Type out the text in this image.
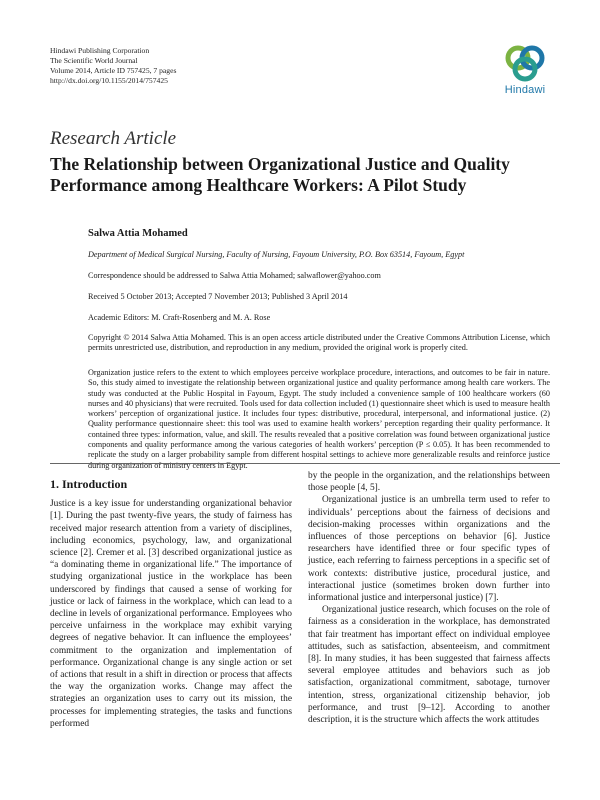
Hindawi Publishing Corporation
The Scientific World Journal
Volume 2014, Article ID 757425, 7 pages
http://dx.doi.org/10.1155/2014/757425
Hindawi
Research Article
The Relationship between Organizational Justice and Quality Performance among Healthcare Workers: A Pilot Study
Salwa Attia Mohamed
Department of Medical Surgical Nursing, Faculty of Nursing, Fayoum University, P.O. Box 63514, Fayoum, Egypt
Correspondence should be addressed to Salwa Attia Mohamed; salwaflower@yahoo.com
Received 5 October 2013; Accepted 7 November 2013; Published 3 April 2014
Academic Editors: M. Craft-Rosenberg and M. A. Rose
Copyright © 2014 Salwa Attia Mohamed. This is an open access article distributed under the Creative Commons Attribution License, which permits unrestricted use, distribution, and reproduction in any medium, provided the original work is properly cited.
Organization justice refers to the extent to which employees perceive workplace procedure, interactions, and outcomes to be fair in nature. So, this study aimed to investigate the relationship between organizational justice and quality performance among health care workers. The study was conducted at the Public Hospital in Fayoum, Egypt. The study included a convenience sample of 100 healthcare workers (60 nurses and 40 physicians) that were recruited. Tools used for data collection included (1) questionnaire sheet which is used to measure health workers’ perception of organizational justice. It includes four types: distributive, procedural, interpersonal, and informational justice. (2) Quality performance questionnaire sheet: this tool was used to examine health workers’ perception regarding their quality performance. It contained three types: information, value, and skill. The results revealed that a positive correlation was found between organizational justice components and quality performance among the various categories of health workers’ perception (P ≤ 0.05). It has been recommended to replicate the study on a larger probability sample from different hospital settings to achieve more generalizable results and reinforce justice during organization of ministry centers in Egypt.
1. Introduction

Justice is a key issue for understanding organizational behavior [1]. During the past twenty-five years, the study of fairness has received major research attention from a variety of disciplines, including economics, psychology, law, and organizational science [2]. Cremer et al. [3] described organizational justice as “a dominating theme in organizational life.” The importance of studying organizational justice in the workplace has been underscored by findings that caused a sense of working for justice or lack of fairness in the workplace, which can lead to a decline in levels of organizational performance. Employees who perceive unfairness in the workplace may exhibit varying degrees of negative behavior. It can influence the employees’ commitment to the organization and implementation of performance. Organizational change is any single action or set of actions that result in a shift in direction or process that affects the way the organization works. Change may affect the strategies an organization uses to carry out its mission, the processes for implementing strategies, the tasks and functions performed

by the people in the organization, and the relationships between those people [4, 5].

Organizational justice is an umbrella term used to refer to individuals’ perceptions about the fairness of decisions and decision-making processes within organizations and the influences of those perceptions on behavior [6]. Justice researchers have identified three or four specific types of justice, each referring to fairness perceptions in a specific set of work contexts: distributive justice, procedural justice, and interactional justice (sometimes broken down further into informational justice and interpersonal justice) [7].

Organizational justice research, which focuses on the role of fairness as a consideration in the workplace, has demonstrated that fair treatment has important effect on individual employee attitudes, such as satisfaction, absenteeism, and commitment [8]. In many studies, it has been suggested that fairness affects several employee attitudes and behaviors such as job satisfaction, organizational commitment, sabotage, turnover intention, stress, organizational citizenship behavior, job performance, and trust [9–12]. According to another description, it is the structure which affects the work attitudes
